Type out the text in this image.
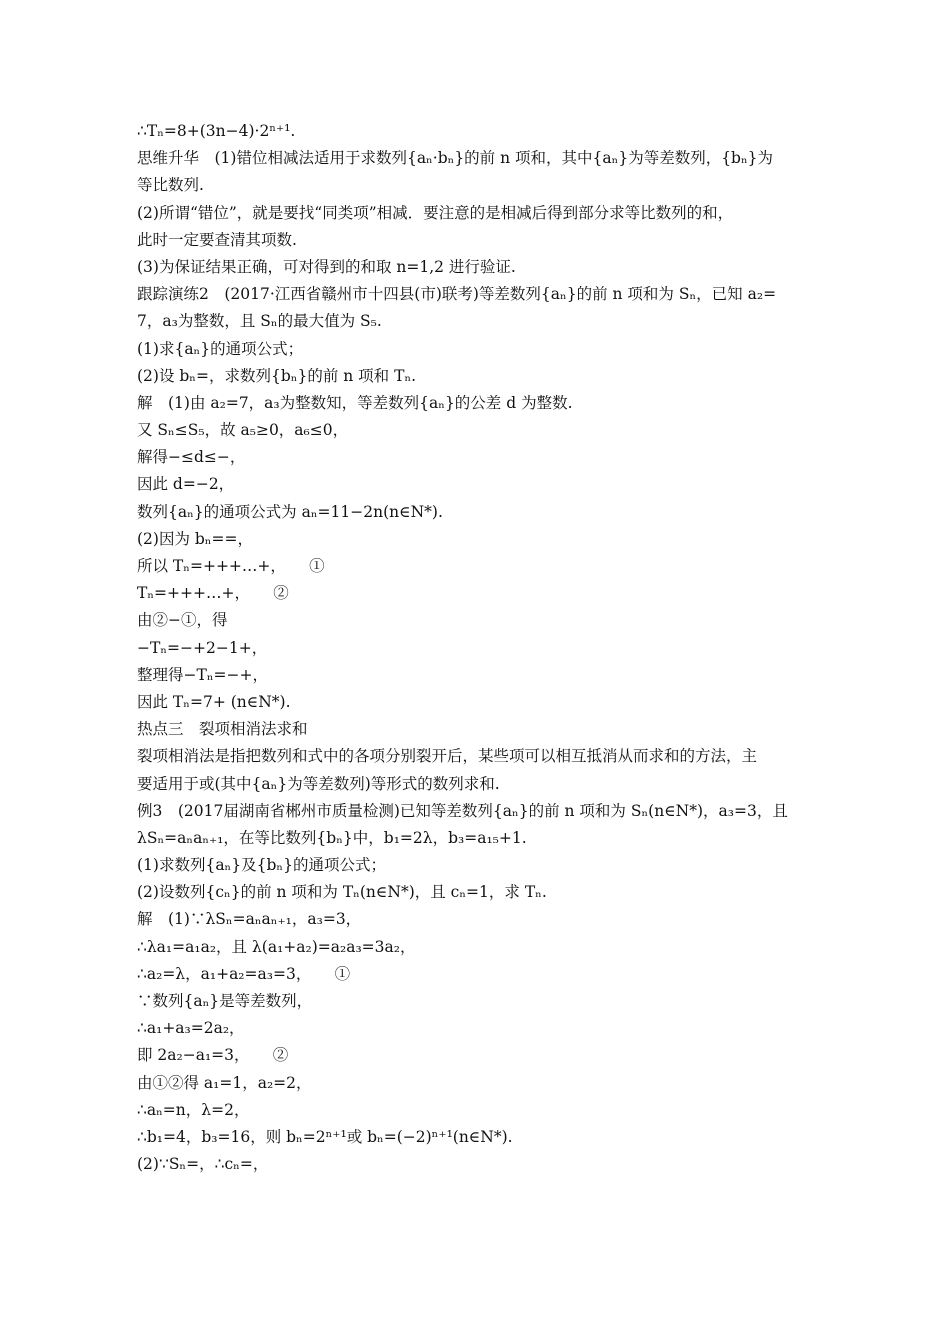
∴Tₙ=8+(3n−4)·2ⁿ⁺¹.
思维升华　(1)错位相减法适用于求数列{aₙ·bₙ}的前 n 项和，其中{aₙ}为等差数列，{bₙ}为
等比数列.
(2)所谓“错位”，就是要找“同类项”相减．要注意的是相减后得到部分求等比数列的和，
此时一定要查清其项数.
(3)为保证结果正确，可对得到的和取 n=1,2 进行验证.
跟踪演练2　(2017·江西省赣州市十四县(市)联考)等差数列{aₙ}的前 n 项和为 Sₙ，已知 a₂=
7，a₃为整数，且 Sₙ的最大值为 S₅.
(1)求{aₙ}的通项公式；
(2)设 bₙ=，求数列{bₙ}的前 n 项和 Tₙ.
解　(1)由 a₂=7，a₃为整数知，等差数列{aₙ}的公差 d 为整数.
又 Sₙ≤S₅，故 a₅≥0，a₆≤0，
解得−≤d≤−，
因此 d=−2，
数列{aₙ}的通项公式为 aₙ=11−2n(n∈N*).
(2)因为 bₙ==，
所以 Tₙ=+++…+，　　①
Tₙ=+++…+，　　②
由②−①，得
−Tₙ=−+2−1+，
整理得−Tₙ=−+，
因此 Tₙ=7+ (n∈N*).
热点三　裂项相消法求和
裂项相消法是指把数列和式中的各项分别裂开后，某些项可以相互抵消从而求和的方法，主
要适用于或(其中{aₙ}为等差数列)等形式的数列求和.
例3　(2017届湖南省郴州市质量检测)已知等差数列{aₙ}的前 n 项和为 Sₙ(n∈N*)，a₃=3，且
λSₙ=aₙaₙ₊₁，在等比数列{bₙ}中，b₁=2λ，b₃=a₁₅+1.
(1)求数列{aₙ}及{bₙ}的通项公式；
(2)设数列{cₙ}的前 n 项和为 Tₙ(n∈N*)，且 cₙ=1，求 Tₙ.
解　(1)∵λSₙ=aₙaₙ₊₁，a₃=3，
∴λa₁=a₁a₂，且 λ(a₁+a₂)=a₂a₃=3a₂，
∴a₂=λ，a₁+a₂=a₃=3，　　①
∵数列{aₙ}是等差数列，
∴a₁+a₃=2a₂，
即 2a₂−a₁=3，　　②
由①②得 a₁=1，a₂=2，
∴aₙ=n，λ=2，
∴b₁=4，b₃=16，则 bₙ=2ⁿ⁺¹或 bₙ=(−2)ⁿ⁺¹(n∈N*).
(2)∵Sₙ=，∴cₙ=，
